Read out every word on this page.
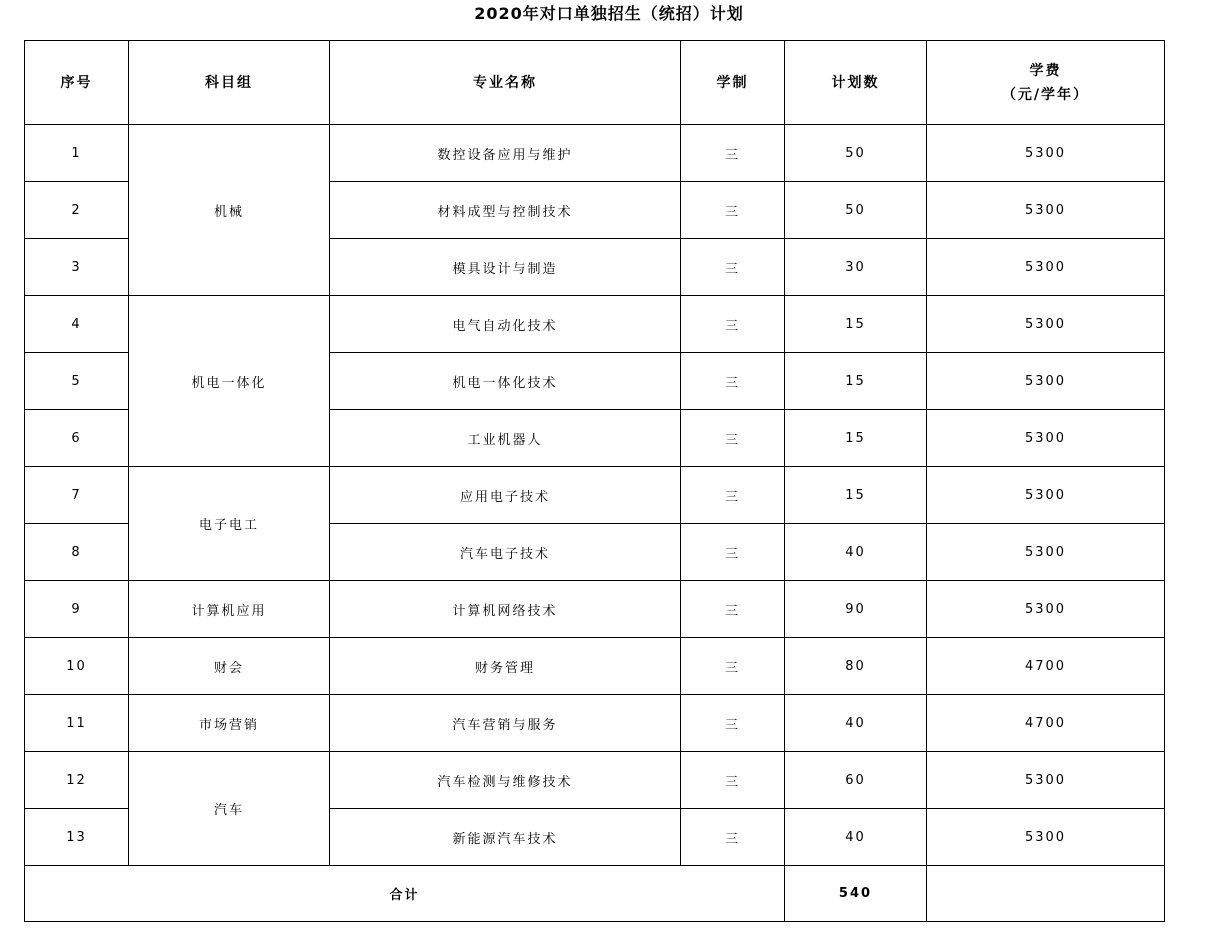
2020年对口单独招生（统招）计划
序号	科目组	专业名称	学制	计划数	学费
（元/学年）

1	机械	数控设备应用与维护	三	50	5300
2		材料成型与控制技术	三	50	5300
3		模具设计与制造	三	30	5300
4	机电一体化	电气自动化技术	三	15	5300
5		机电一体化技术	三	15	5300
6		工业机器人	三	15	5300
7	电子电工	应用电子技术	三	15	5300
8		汽车电子技术	三	40	5300
9	计算机应用	计算机网络技术	三	90	5300
10	财会	财务管理	三	80	4700
11	市场营销	汽车营销与服务	三	40	4700
12	汽车	汽车检测与维修技术	三	60	5300
13		新能源汽车技术	三	40	5300
合计				540	
